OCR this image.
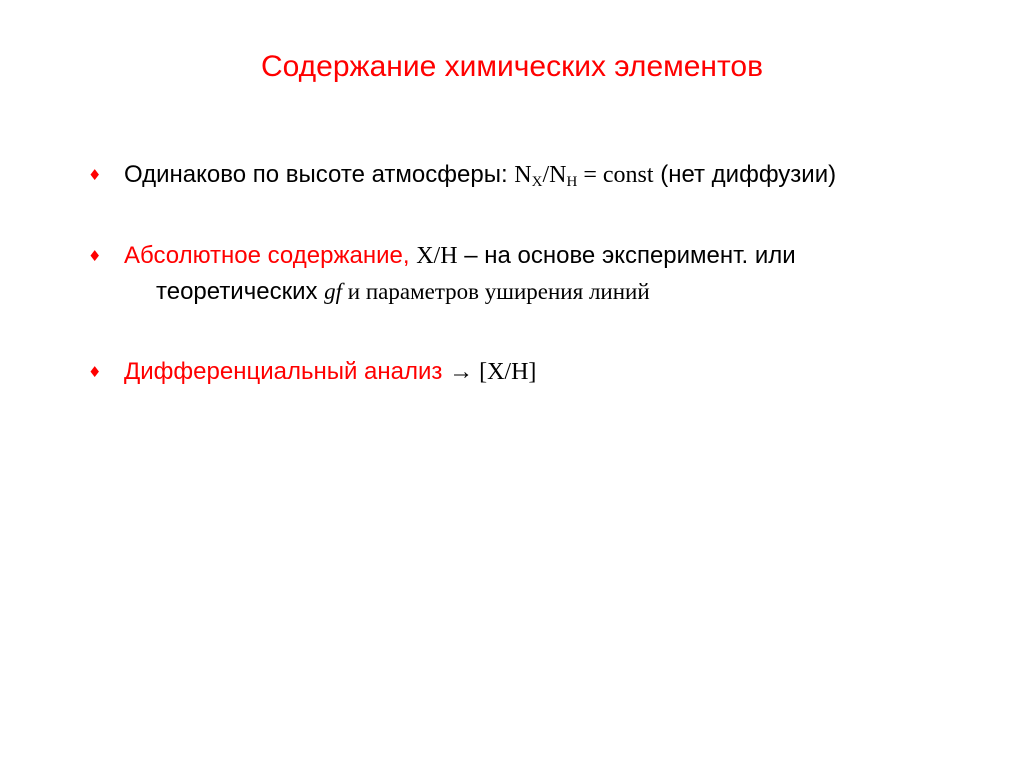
Содержание химических элементов
♦ Одинаково по высоте атмосферы: $N_X/N_H$ = const (нет диффузии)
♦ Абсолютное содержание, X/H – на основе эксперимент. или
теоретических gf и параметров уширения линий
♦ Дифференциальный анализ → [X/H]
